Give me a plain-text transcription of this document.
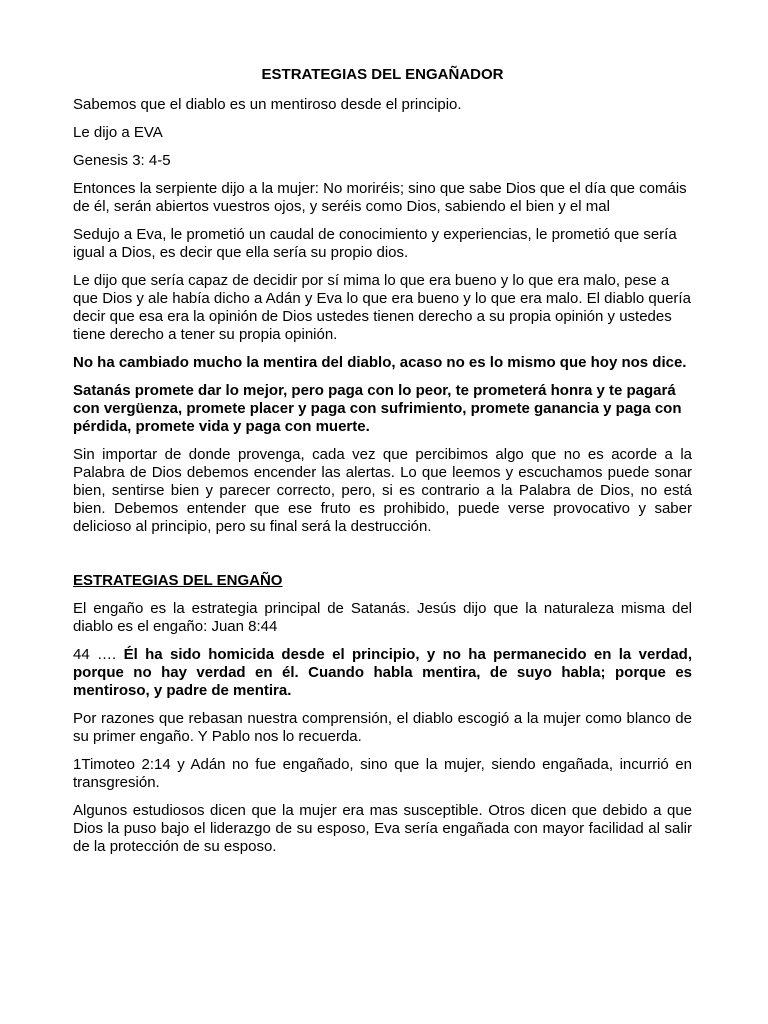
ESTRATEGIAS DEL ENGAÑADOR

Sabemos que el diablo es un mentiroso desde el principio.

Le dijo a EVA

Genesis 3: 4-5

Entonces la serpiente dijo a la mujer: No moriréis; sino que sabe Dios que el día que comáis de él, serán abiertos vuestros ojos, y seréis como Dios, sabiendo el bien y el mal

Sedujo a Eva, le prometió un caudal de conocimiento y experiencias, le prometió que sería igual a Dios, es decir que ella sería su propio dios.

Le dijo que sería capaz de decidir por sí mima lo que era bueno y lo que era malo, pese a que Dios y ale había dicho a Adán y Eva lo que era bueno y lo que era malo. El diablo quería decir que esa era la opinión de Dios ustedes tienen derecho a su propia opinión y ustedes tiene derecho a tener su propia opinión.

No ha cambiado mucho la mentira del diablo, acaso no es lo mismo que hoy nos dice.

Satanás promete dar lo mejor, pero paga con lo peor, te prometerá honra y te pagará con vergüenza, promete placer y paga con sufrimiento, promete ganancia y paga con pérdida, promete vida y paga con muerte.

Sin importar de donde provenga, cada vez que percibimos algo que no es acorde a la Palabra de Dios debemos encender las alertas. Lo que leemos y escuchamos puede sonar bien, sentirse bien y parecer correcto, pero, si es contrario a la Palabra de Dios, no está bien. Debemos entender que ese fruto es prohibido, puede verse provocativo y saber delicioso al principio, pero su final será la destrucción.

ESTRATEGIAS DEL ENGAÑO

El engaño es la estrategia principal de Satanás. Jesús dijo que la naturaleza misma del diablo es el engaño: Juan 8:44

44 …. Él ha sido homicida desde el principio, y no ha permanecido en la verdad, porque no hay verdad en él. Cuando habla mentira, de suyo habla; porque es mentiroso, y padre de mentira.

Por razones que rebasan nuestra comprensión, el diablo escogió a la mujer como blanco de su primer engaño. Y Pablo nos lo recuerda.

1Timoteo 2:14 y Adán no fue engañado, sino que la mujer, siendo engañada, incurrió en transgresión.

Algunos estudiosos dicen que la mujer era mas susceptible. Otros dicen que debido a que Dios la puso bajo el liderazgo de su esposo, Eva sería engañada con mayor facilidad al salir de la protección de su esposo.
